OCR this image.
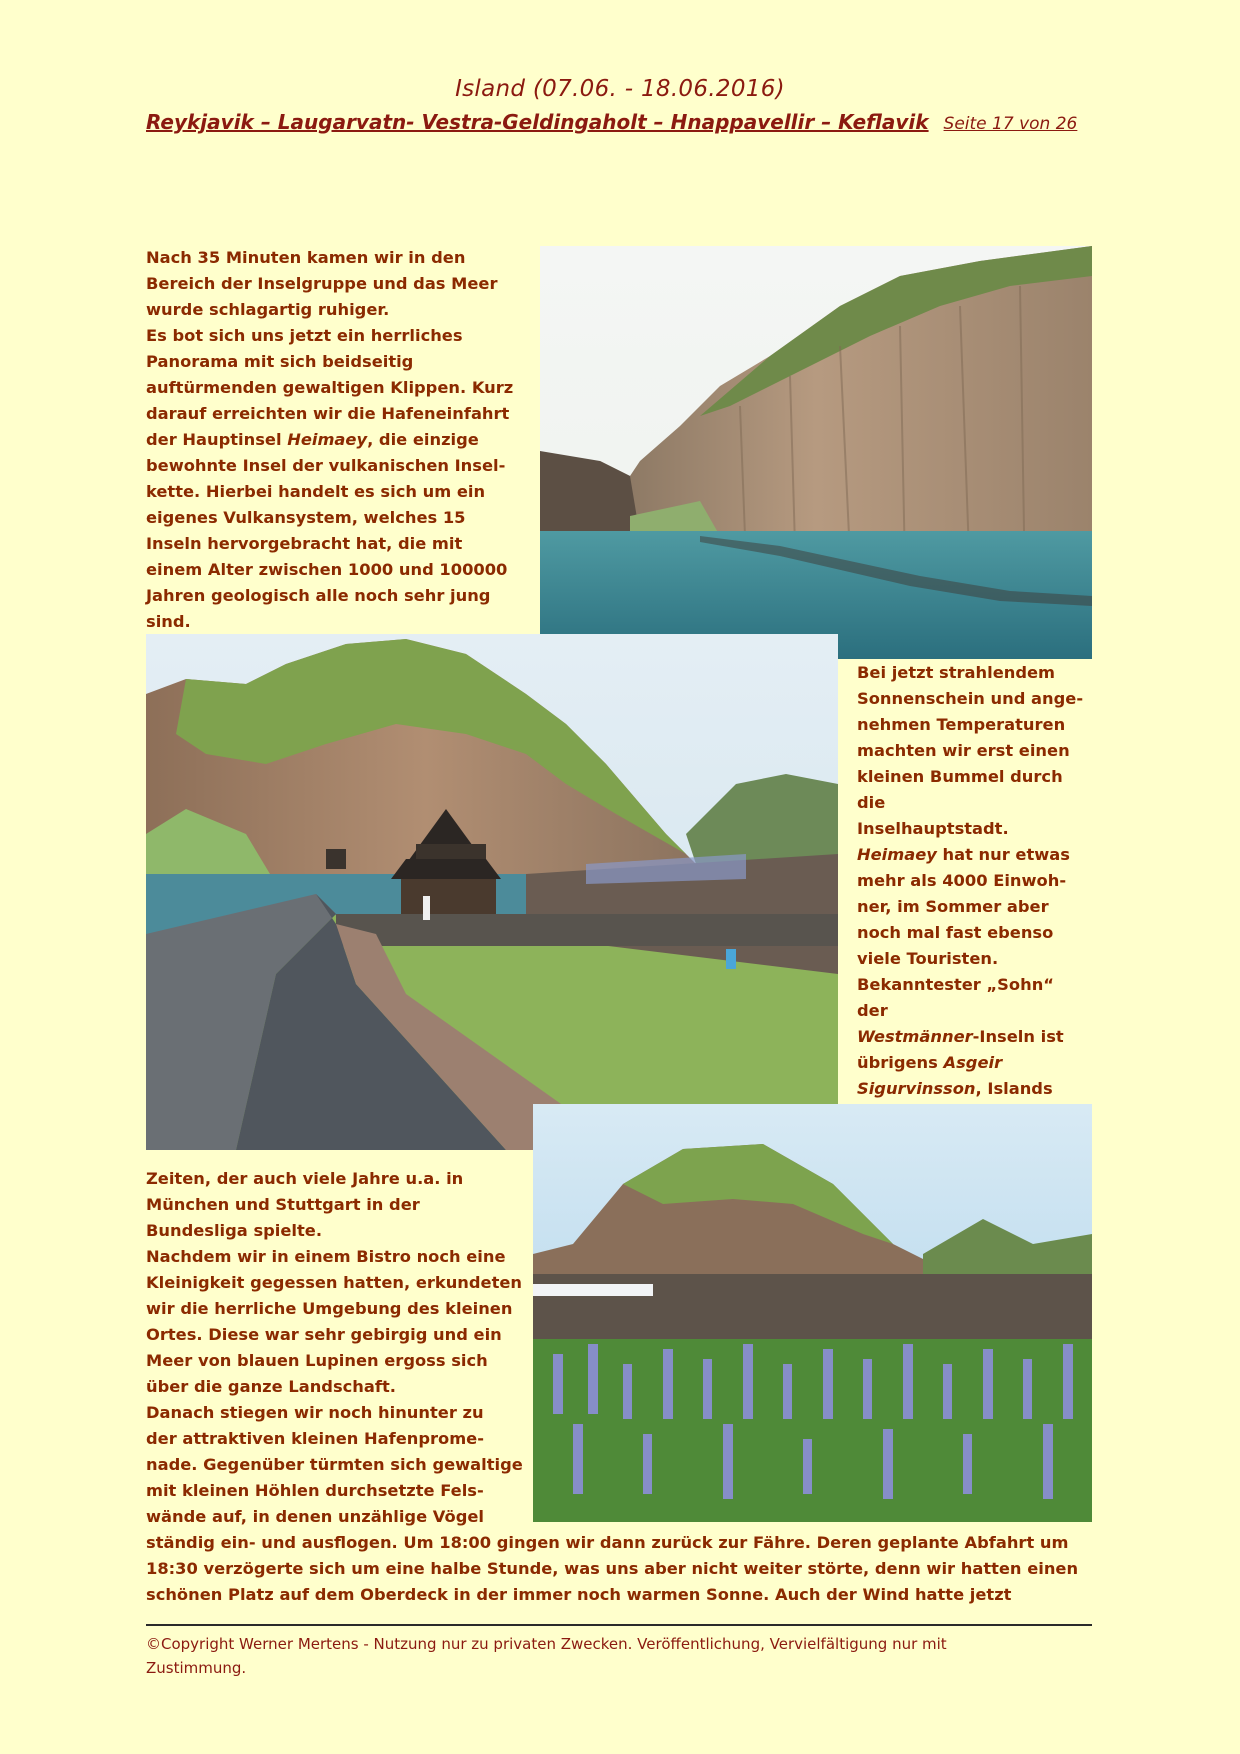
Island (07.06. - 18.06.2016)
Reykjavik – Laugarvatn- Vestra-Geldingaholt – Hnappavellir – Keflavik Seite 17 von 26
Nach 35 Minuten kamen wir in den
Bereich der Inselgruppe und das Meer
wurde schlagartig ruhiger.
Es bot sich uns jetzt ein herrliches
Panorama mit sich beidseitig
auftürmenden gewaltigen Klippen. Kurz
darauf erreichten wir die Hafeneinfahrt
der Hauptinsel Heimaey, die einzige
bewohnte Insel der vulkanischen Insel-
kette. Hierbei handelt es sich um ein
eigenes Vulkansystem, welches 15
Inseln hervorgebracht hat, die mit
einem Alter zwischen 1000 und 100000
Jahren geologisch alle noch sehr jung
sind.
Bei jetzt strahlendem
Sonnenschein und ange-
nehmen Temperaturen
machten wir erst einen
kleinen Bummel durch die
Inselhauptstadt.
Heimaey hat nur etwas
mehr als 4000 Einwoh-
ner, im Sommer aber
noch mal fast ebenso
viele Touristen.
Bekanntester „Sohn“ der
Westmänner-Inseln ist
übrigens Asgeir
Sigurvinsson, Islands
Zeiten, der auch viele Jahre u.a. in
München und Stuttgart in der
Bundesliga spielte.
Nachdem wir in einem Bistro noch eine
Kleinigkeit gegessen hatten, erkundeten
wir die herrliche Umgebung des kleinen
Ortes. Diese war sehr gebirgig und ein
Meer von blauen Lupinen ergoss sich
über die ganze Landschaft.
Danach stiegen wir noch hinunter zu
der attraktiven kleinen Hafenprome-
nade. Gegenüber türmten sich gewaltige
mit kleinen Höhlen durchsetzte Fels-
wände auf, in denen unzählige Vögel
ständig ein- und ausflogen. Um 18:00 gingen wir dann zurück zur Fähre. Deren geplante Abfahrt um
18:30 verzögerte sich um eine halbe Stunde, was uns aber nicht weiter störte, denn wir hatten einen
schönen Platz auf dem Oberdeck in der immer noch warmen Sonne. Auch der Wind hatte jetzt
©Copyright Werner Mertens - Nutzung nur zu privaten Zwecken. Veröffentlichung, Vervielfältigung nur mit
Zustimmung.
